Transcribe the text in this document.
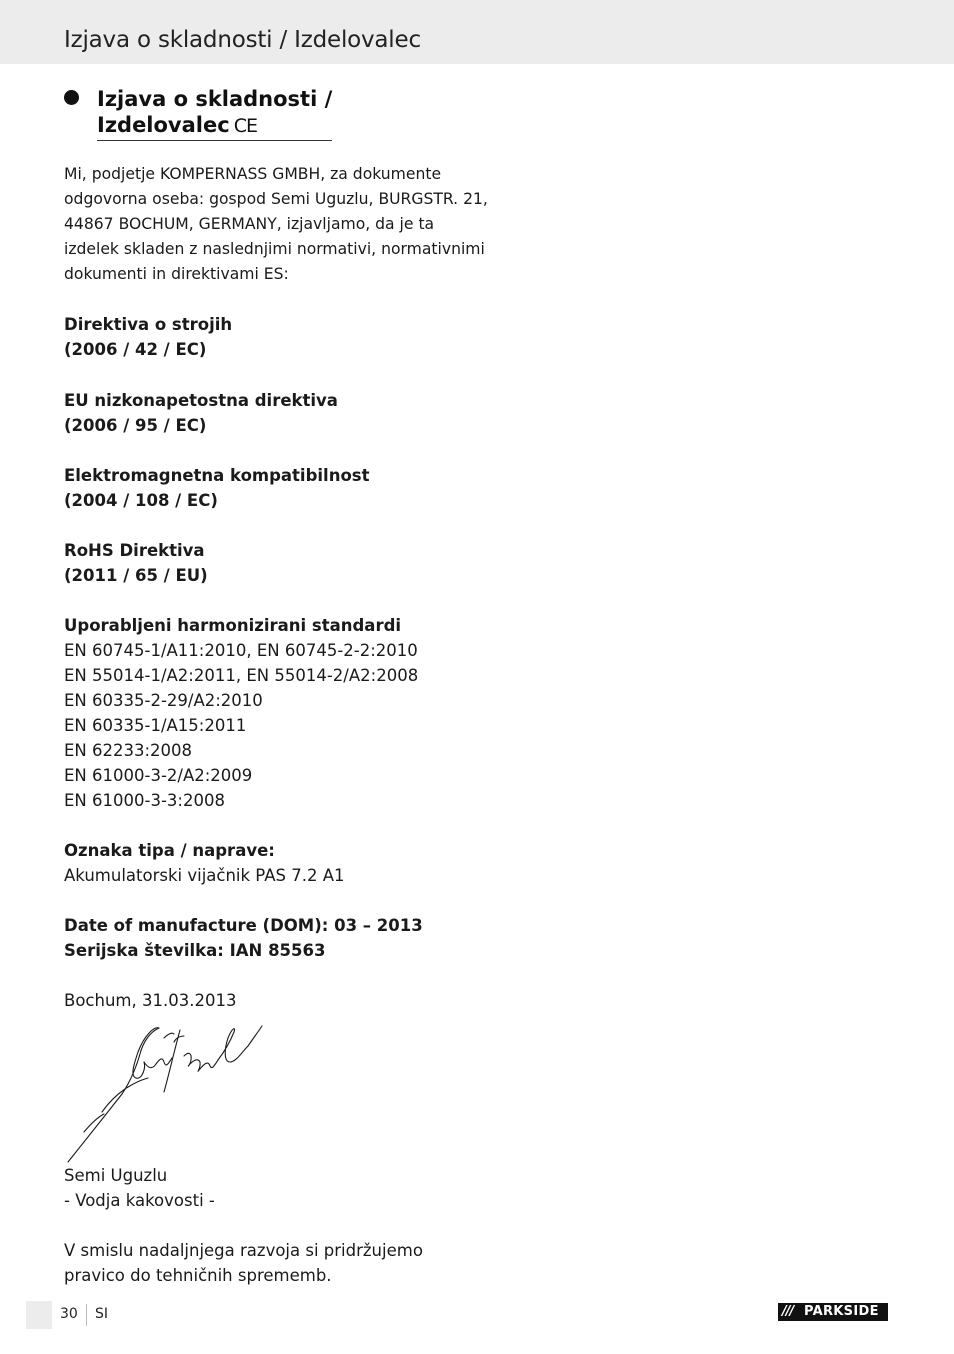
Izjava o skladnosti / Izdelovalec
Izjava o skladnosti /
Izdelovalec CE
Mi, podjetje KOMPERNASS GMBH, za dokumente
odgovorna oseba: gospod Semi Uguzlu, BURGSTR. 21,
44867 BOCHUM, GERMANY, izjavljamo, da je ta
izdelek skladen z naslednjimi normativi, normativnimi
dokumenti in direktivami ES:
Direktiva o strojih
(2006 / 42 / EC)
EU nizkonapetostna direktiva
(2006 / 95 / EC)
Elektromagnetna kompatibilnost
(2004 / 108 / EC)
RoHS Direktiva
(2011 / 65 / EU)
Uporabljeni harmonizirani standardi
EN 60745-1/A11:2010, EN 60745-2-2:2010
EN 55014-1/A2:2011, EN 55014-2/A2:2008
EN 60335-2-29/A2:2010
EN 60335-1/A15:2011
EN 62233:2008
EN 61000-3-2/A2:2009
EN 61000-3-3:2008
Oznaka tipa / naprave:
Akumulatorski vijačnik PAS 7.2 A1
Date of manufacture (DOM): 03 – 2013
Serijska številka: IAN 85563
Bochum, 31.03.2013
Semi Uguzlu
- Vodja kakovosti -
V smislu nadaljnjega razvoja si pridržujemo
pravico do tehničnih sprememb.
30 SI	/// PARKSIDE
